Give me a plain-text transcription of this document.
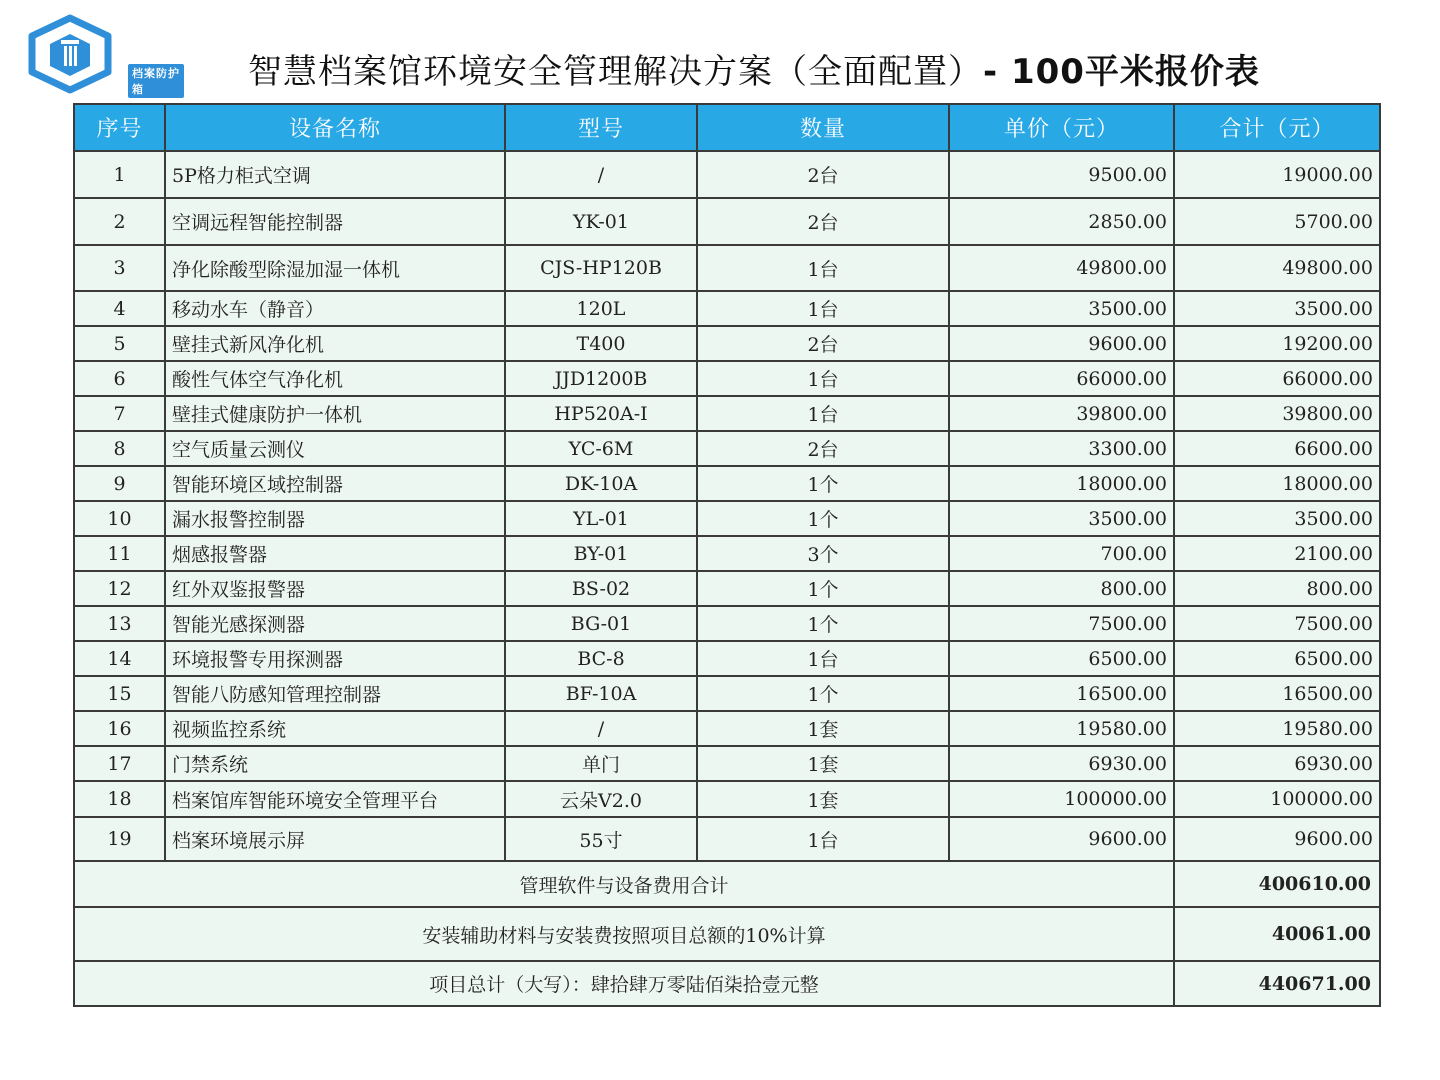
档案防护箱
INDUO
智慧档案馆环境安全管理解决方案（全面配置）- 100平米报价表
序号	设备名称	型号	数量	单价（元）	合计（元）
1	5P格力柜式空调	/	2台	9500.00	19000.00
2	空调远程智能控制器	YK-01	2台	2850.00	5700.00
3	净化除酸型除湿加湿一体机	CJS-HP120B	1台	49800.00	49800.00
4	移动水车（静音）	120L	1台	3500.00	3500.00
5	壁挂式新风净化机	T400	2台	9600.00	19200.00
6	酸性气体空气净化机	JJD1200B	1台	66000.00	66000.00
7	壁挂式健康防护一体机	HP520A-I	1台	39800.00	39800.00
8	空气质量云测仪	YC-6M	2台	3300.00	6600.00
9	智能环境区域控制器	DK-10A	1个	18000.00	18000.00
10	漏水报警控制器	YL-01	1个	3500.00	3500.00
11	烟感报警器	BY-01	3个	700.00	2100.00
12	红外双鉴报警器	BS-02	1个	800.00	800.00
13	智能光感探测器	BG-01	1个	7500.00	7500.00
14	环境报警专用探测器	BC-8	1台	6500.00	6500.00
15	智能八防感知管理控制器	BF-10A	1个	16500.00	16500.00
16	视频监控系统	/	1套	19580.00	19580.00
17	门禁系统	单门	1套	6930.00	6930.00
18	档案馆库智能环境安全管理平台	云朵V2.0	1套	100000.00	100000.00
19	档案环境展示屏	55寸	1台	9600.00	9600.00
管理软件与设备费用合计					400610.00
安装辅助材料与安装费按照项目总额的10%计算					40061.00
项目总计（大写）：肆拾肆万零陆佰柒拾壹元整					440671.00
